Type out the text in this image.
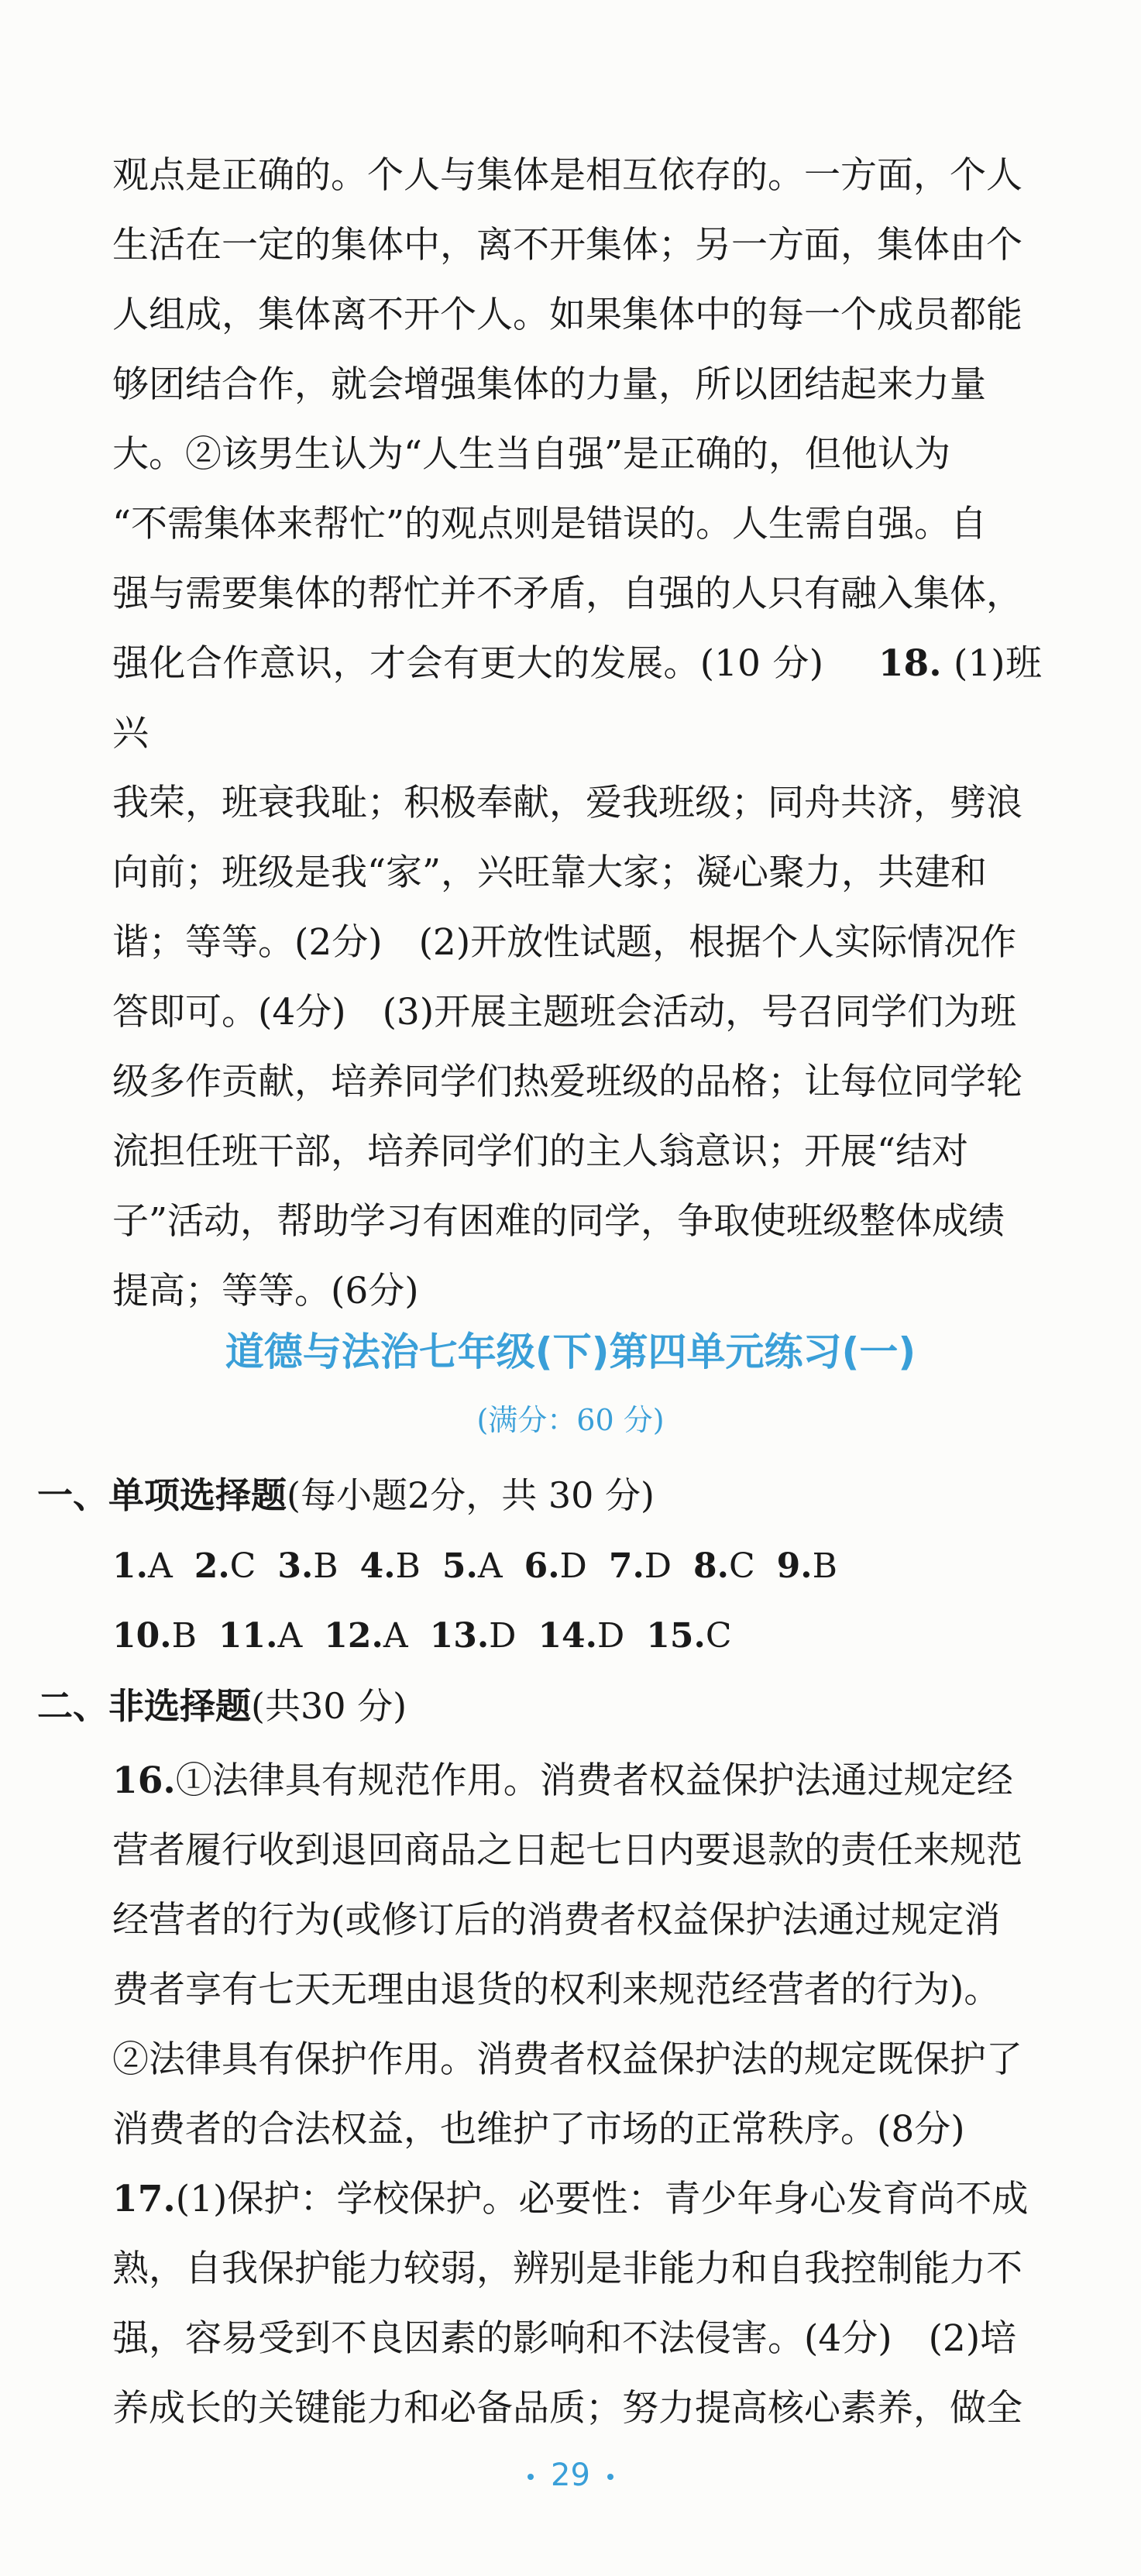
观点是正确的。个人与集体是相互依存的。一方面，个人
生活在一定的集体中，离不开集体；另一方面，集体由个
人组成，集体离不开个人。如果集体中的每一个成员都能
够团结合作，就会增强集体的力量，所以团结起来力量
大。②该男生认为“人生当自强”是正确的，但他认为
“不需集体来帮忙”的观点则是错误的。人生需自强。自
强与需要集体的帮忙并不矛盾，自强的人只有融入集体，
强化合作意识，才会有更大的发展。(10 分) 18. (1)班兴
我荣，班衰我耻；积极奉献，爱我班级；同舟共济，劈浪
向前；班级是我“家”，兴旺靠大家；凝心聚力，共建和
谐；等等。(2分)　(2)开放性试题，根据个人实际情况作
答即可。(4分)　(3)开展主题班会活动，号召同学们为班
级多作贡献，培养同学们热爱班级的品格；让每位同学轮
流担任班干部，培养同学们的主人翁意识；开展“结对
子”活动，帮助学习有困难的同学，争取使班级整体成绩
提高；等等。(6分)
道德与法治七年级(下)第四单元练习(一)
(满分：60 分)
一、单项选择题(每小题2分，共 30 分)
1.A 2.C 3.B 4.B 5.A 6.D 7.D 8.C 9.B
10.B 11.A 12.A 13.D 14.D 15.C
二、非选择题(共30 分)
16.①法律具有规范作用。消费者权益保护法通过规定经
营者履行收到退回商品之日起七日内要退款的责任来规范
经营者的行为(或修订后的消费者权益保护法通过规定消
费者享有七天无理由退货的权利来规范经营者的行为)。
②法律具有保护作用。消费者权益保护法的规定既保护了
消费者的合法权益，也维护了市场的正常秩序。(8分)
17.(1)保护：学校保护。必要性：青少年身心发育尚不成
熟，自我保护能力较弱，辨别是非能力和自我控制能力不
强，容易受到不良因素的影响和不法侵害。(4分)　(2)培
养成长的关键能力和必备品质；努力提高核心素养，做全
29
